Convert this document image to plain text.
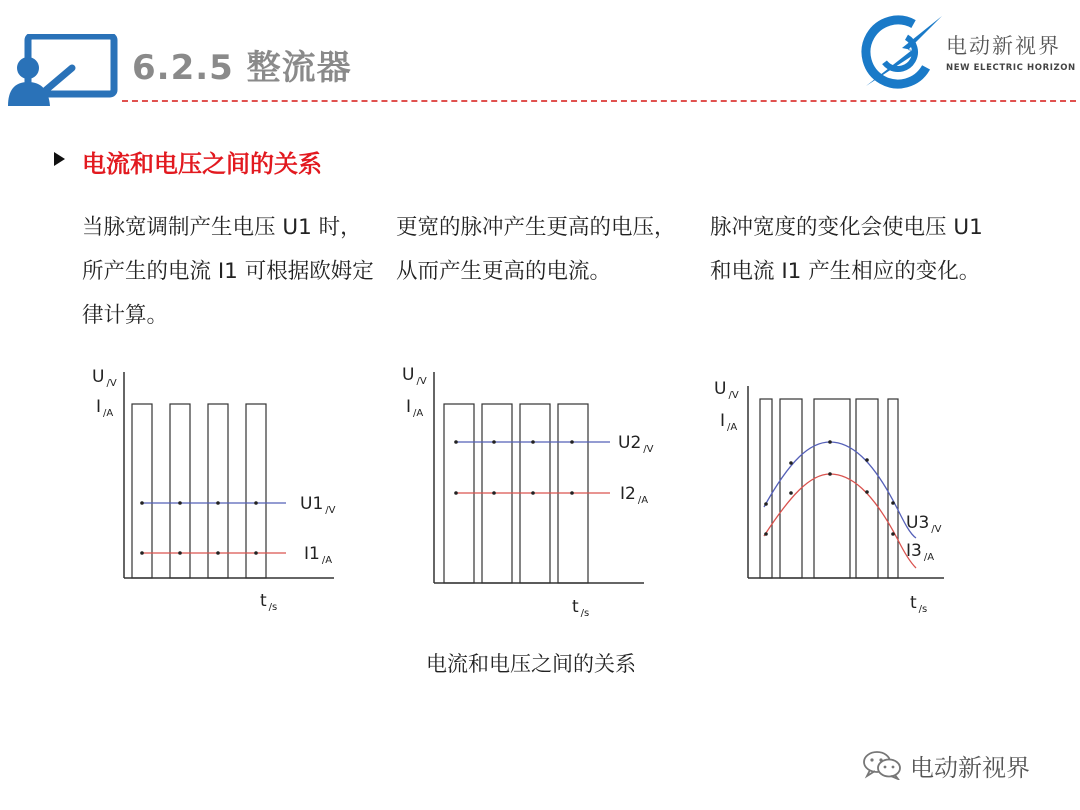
6.2.5 整流器
电动新视界
NEW ELECTRIC HORIZON
电流和电压之间的关系
当脉宽调制产生电压 U1 时，所产生的电流 I1 可根据欧姆定律计算。
更宽的脉冲产生更高的电压，从而产生更高的电流。
脉冲宽度的变化会使电压 U1 和电流 I1 产生相应的变化。
U $_{/V}$
I $_{/A}$
U1 $_{/V}$
I1 $_{/A}$
t $_{/s}$
U $_{/V}$
I $_{/A}$
U2 $_{/V}$
I2 $_{/A}$
t $_{/s}$
U $_{/V}$
I $_{/A}$
U3 $_{/V}$
I3 $_{/A}$
t $_{/s}$
电流和电压之间的关系
电动新视界
